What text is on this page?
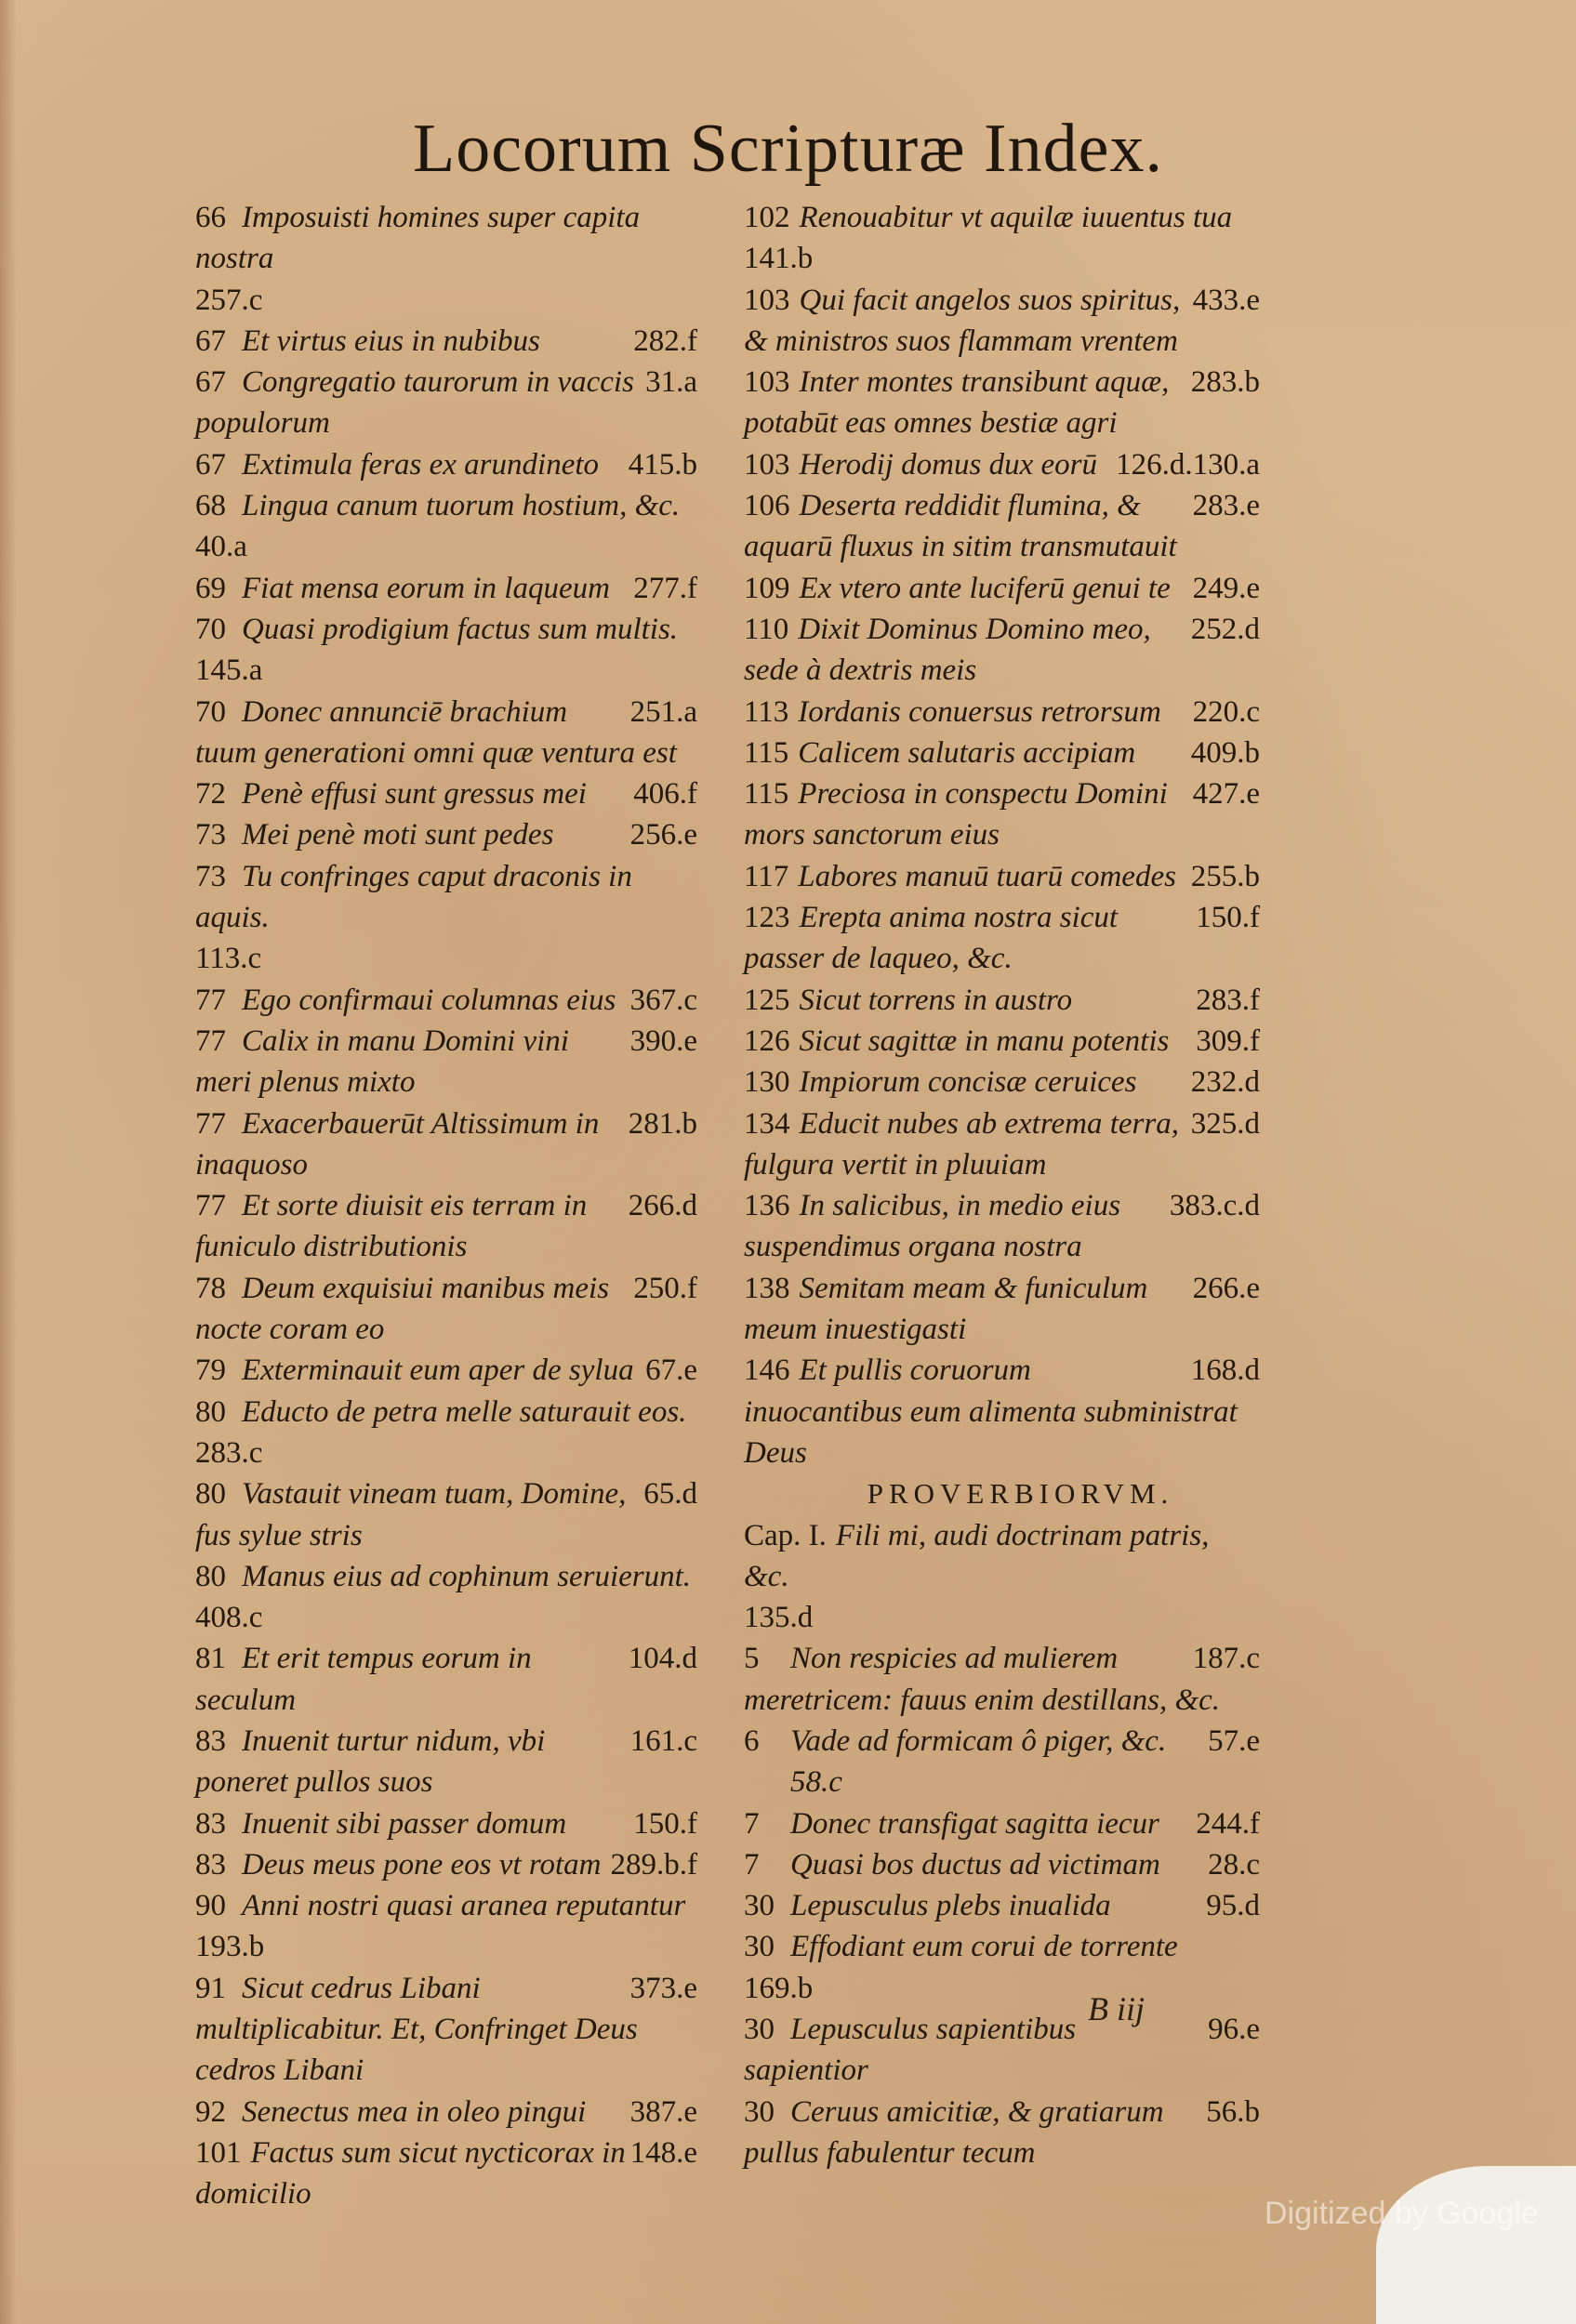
Locorum Scripturæ Index.
66 Imposuisti homines super capita nostra
257.c
282.f
67 Et virtus eius in nubibus
31.a
67 Congregatio taurorum in vaccis populorum
415.b
67 Extimula feras ex arundineto
68 Lingua canum tuorum hostium, &c.
40.a
277.f
69 Fiat mensa eorum in laqueum
70 Quasi prodigium factus sum multis.
145.a
251.a
70 Donec annunciē brachium tuum generationi omni quæ ventura est
406.f
72 Penè effusi sunt gressus mei
256.e
73 Mei penè moti sunt pedes
73 Tu confringes caput draconis in aquis.
113.c
367.c
77 Ego confirmaui columnas eius
390.e
77 Calix in manu Domini vini meri plenus mixto
281.b
77 Exacerbauerūt Altissimum in inaquoso
266.d
77 Et sorte diuisit eis terram in funiculo distributionis
250.f
78 Deum exquisiui manibus meis nocte coram eo
67.e
79 Exterminauit eum aper de sylua
80 Educto de petra melle saturauit eos.
283.c
65.d
80 Vastauit vineam tuam, Domine, fus sylue stris
80 Manus eius ad cophinum seruierunt.
408.c
104.d
81 Et erit tempus eorum in seculum
161.c
83 Inuenit turtur nidum, vbi poneret pullos suos
150.f
83 Inuenit sibi passer domum
289.b.f
83 Deus meus pone eos vt rotam
90 Anni nostri quasi aranea reputantur
193.b
373.e
91 Sicut cedrus Libani multiplicabitur. Et, Confringet Deus cedros Libani
387.e
92 Senectus mea in oleo pingui
148.e
101 Factus sum sicut nycticorax in domicilio
102 Renouabitur vt aquilæ iuuentus tua
141.b
433.e
103 Qui facit angelos suos spiritus, & ministros suos flammam vrentem
283.b
103 Inter montes transibunt aquæ, potabūt eas omnes bestiæ agri
126.d.130.a
103 Herodij domus dux eorū
283.e
106 Deserta reddidit flumina, & aquarū fluxus in sitim transmutauit
249.e
109 Ex vtero ante luciferū genui te
252.d
110 Dixit Dominus Domino meo, sede à dextris meis
220.c
113 Iordanis conuersus retrorsum
409.b
115 Calicem salutaris accipiam
427.e
115 Preciosa in conspectu Domini mors sanctorum eius
255.b
117 Labores manuū tuarū comedes
150.f
123 Erepta anima nostra sicut passer de laqueo, &c.
283.f
125 Sicut torrens in austro
309.f
126 Sicut sagittæ in manu potentis
232.d
130 Impiorum concisæ ceruices
325.d
134 Educit nubes ab extrema terra, fulgura vertit in pluuiam
383.c.d
136 In salicibus, in medio eius suspendimus organa nostra
266.e
138 Semitam meam & funiculum meum inuestigasti
168.d
146 Et pullis coruorum inuocantibus eum alimenta subministrat Deus
PROVERBIORVM.
Cap. I. Fili mi, audi doctrinam patris, &c.
135.d
187.c
5 Non respicies ad mulierem meretricem: fauus enim destillans, &c.
57.e
6 Vade ad formicam ô piger, &c.
58.c
244.f
7 Donec transfigat sagitta iecur
28.c
7 Quasi bos ductus ad victimam
95.d
30 Lepusculus plebs inualida
30 Effodiant eum corui de torrente
169.b
96.e
30 Lepusculus sapientibus sapientior
56.b
30 Ceruus amicitiæ, & gratiarum pullus fabulentur tecum
B iij
Digitized by Google
